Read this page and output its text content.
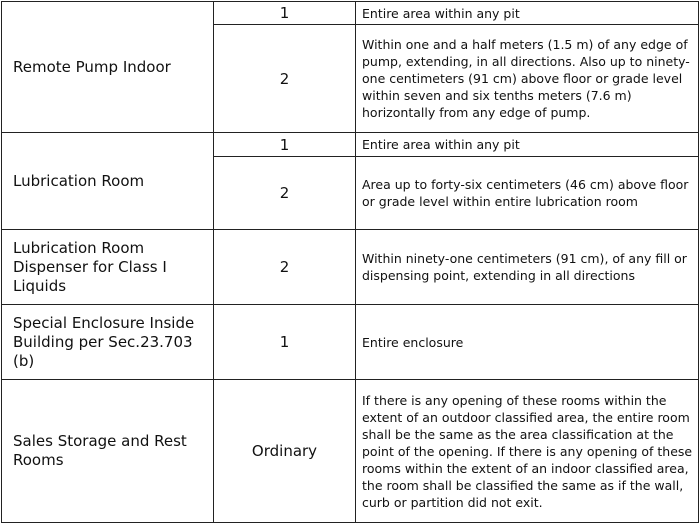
Remote Pump Indoor	1	Entire area within any pit
	2	Within one and a half meters (1.5 m) of any edge of pump, extending, in all directions. Also up to ninety-one centimeters (91 cm) above floor or grade level within seven and six tenths meters (7.6 m) horizontally from any edge of pump.
Lubrication Room	1	Entire area within any pit
	2	Area up to forty-six centimeters (46 cm) above floor or grade level within entire lubrication room
Lubrication Room Dispenser for Class I Liquids	2	Within ninety-one centimeters (91 cm), of any fill or dispensing point, extending in all directions
Special Enclosure Inside Building per Sec.23.703 (b)	1	Entire enclosure
Sales Storage and Rest Rooms	Ordinary	If there is any opening of these rooms within the extent of an outdoor classified area, the entire room shall be the same as the area classification at the point of the opening. If there is any opening of these rooms within the extent of an indoor classified area, the room shall be classified the same as if the wall, curb or partition did not exit.
